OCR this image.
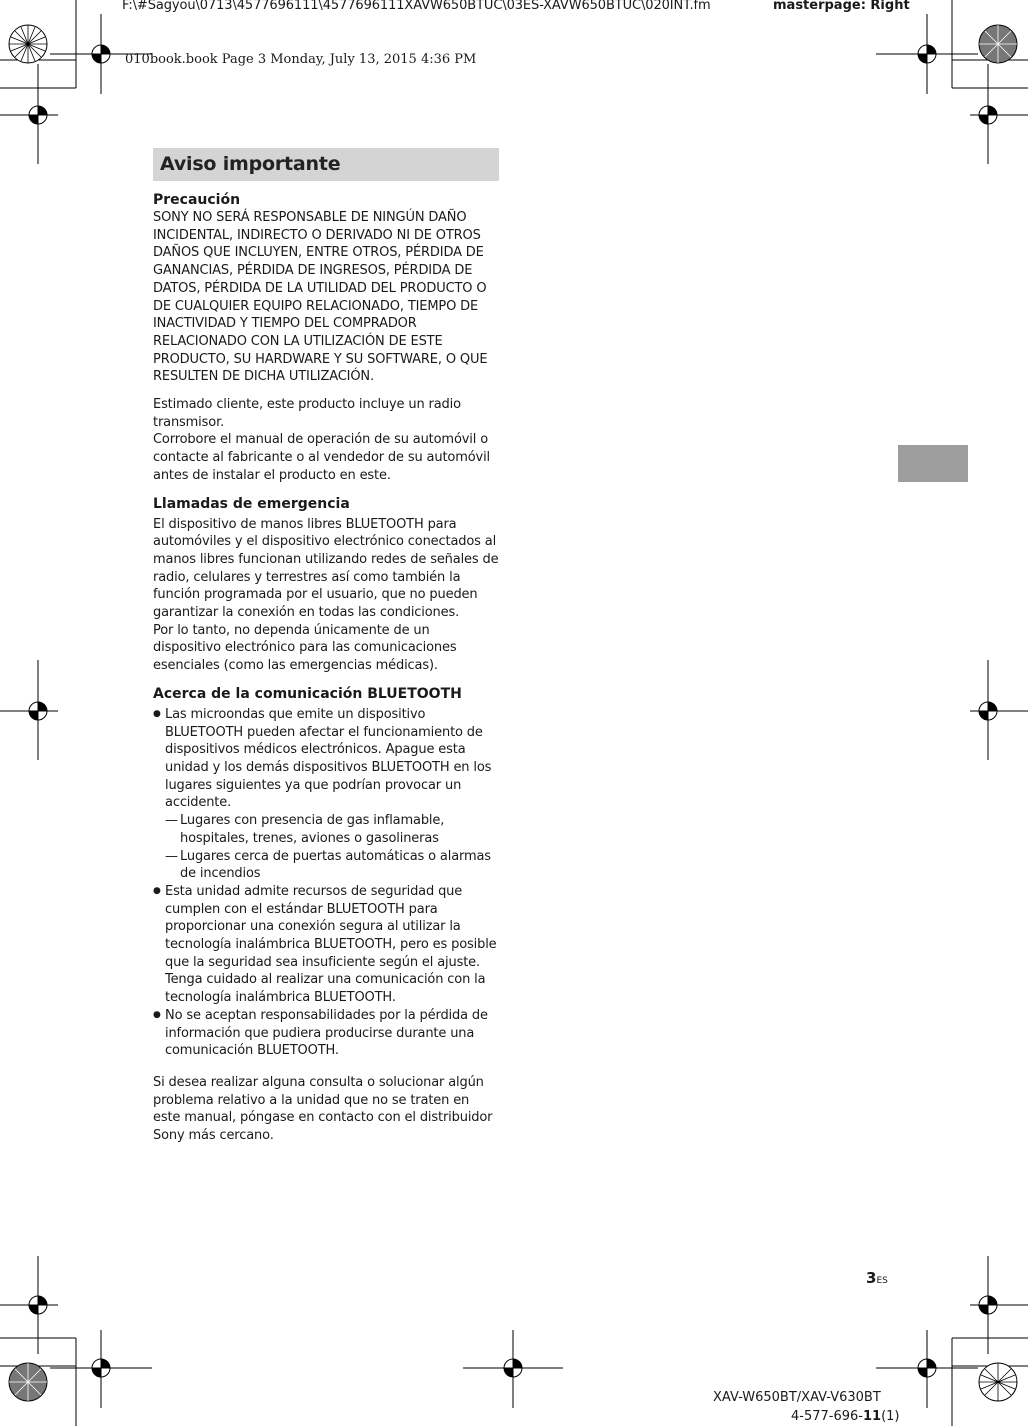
F:\#Sagyou\0713\4577696111\4577696111XAVW650BTUC\03ES-XAVW650BTUC\020INT.fm	masterpage: Right
010book.book Page 3 Monday, July 13, 2015 4:36 PM
Aviso importante
Precaución

SONY NO SERÁ RESPONSABLE DE NINGÚN DAÑO INCIDENTAL, INDIRECTO O DERIVADO NI DE OTROS DAÑOS QUE INCLUYEN, ENTRE OTROS, PÉRDIDA DE GANANCIAS, PÉRDIDA DE INGRESOS, PÉRDIDA DE DATOS, PÉRDIDA DE LA UTILIDAD DEL PRODUCTO O DE CUALQUIER EQUIPO RELACIONADO, TIEMPO DE INACTIVIDAD Y TIEMPO DEL COMPRADOR RELACIONADO CON LA UTILIZACIÓN DE ESTE PRODUCTO, SU HARDWARE Y SU SOFTWARE, O QUE RESULTEN DE DICHA UTILIZACIÓN.

Estimado cliente, este producto incluye un radio transmisor.

Corrobore el manual de operación de su automóvil o contacte al fabricante o al vendedor de su automóvil antes de instalar el producto en este.

Llamadas de emergencia

El dispositivo de manos libres BLUETOOTH para automóviles y el dispositivo electrónico conectados al manos libres funcionan utilizando redes de señales de radio, celulares y terrestres así como también la función programada por el usuario, que no pueden garantizar la conexión en todas las condiciones.

Por lo tanto, no dependa únicamente de un dispositivo electrónico para las comunicaciones esenciales (como las emergencias médicas).

Acerca de la comunicación BLUETOOTH
● Las microondas que emite un dispositivo BLUETOOTH pueden afectar el funcionamiento de dispositivos médicos electrónicos. Apague esta unidad y los demás dispositivos BLUETOOTH en los lugares siguientes ya que podrían provocar un accidente.
— Lugares con presencia de gas inflamable, hospitales, trenes, aviones o gasolineras
— Lugares cerca de puertas automáticas o alarmas de incendios
● Esta unidad admite recursos de seguridad que cumplen con el estándar BLUETOOTH para proporcionar una conexión segura al utilizar la tecnología inalámbrica BLUETOOTH, pero es posible que la seguridad sea insuficiente según el ajuste. Tenga cuidado al realizar una comunicación con la tecnología inalámbrica BLUETOOTH.
● No se aceptan responsabilidades por la pérdida de información que pudiera producirse durante una comunicación BLUETOOTH.

Si desea realizar alguna consulta o solucionar algún problema relativo a la unidad que no se traten en este manual, póngase en contacto con el distribuidor Sony más cercano.

3ES
XAV-W650BT/XAV-V630BT
4-577-696-11(1)
